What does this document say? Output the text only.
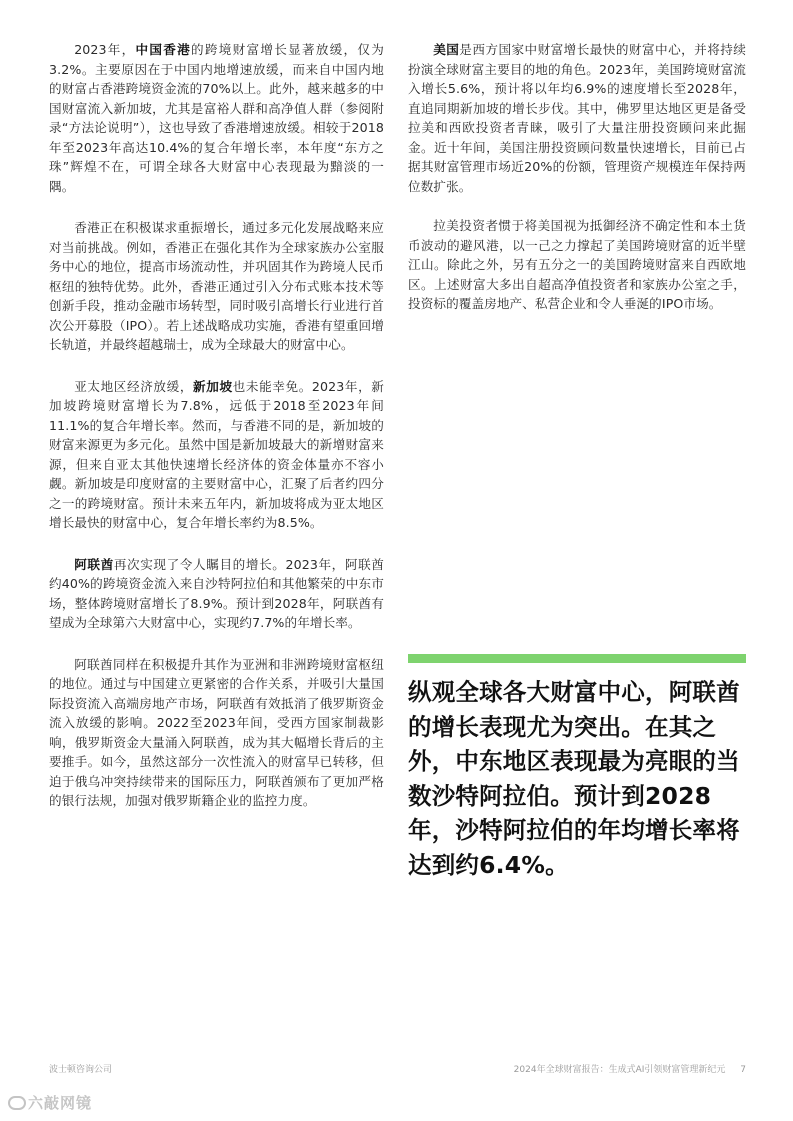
2023年，中国香港的跨境财富增长显著放缓，仅为3.2%。主要原因在于中国内地增速放缓，而来自中国内地的财富占香港跨境资金流的70%以上。此外，越来越多的中国财富流入新加坡，尤其是富裕人群和高净值人群（参阅附录“方法论说明”），这也导致了香港增速放缓。相较于2018年至2023年高达10.4%的复合年增长率，本年度“东方之珠”辉煌不在，可谓全球各大财富中心表现最为黯淡的一隅。

香港正在积极谋求重振增长，通过多元化发展战略来应对当前挑战。例如，香港正在强化其作为全球家族办公室服务中心的地位，提高市场流动性，并巩固其作为跨境人民币枢纽的独特优势。此外，香港正通过引入分布式账本技术等创新手段，推动金融市场转型，同时吸引高增长行业进行首次公开募股（IPO）。若上述战略成功实施，香港有望重回增长轨道，并最终超越瑞士，成为全球最大的财富中心。

亚太地区经济放缓，新加坡也未能幸免。2023年，新加坡跨境财富增长为7.8%，远低于2018至2023年间11.1%的复合年增长率。然而，与香港不同的是，新加坡的财富来源更为多元化。虽然中国是新加坡最大的新增财富来源，但来自亚太其他快速增长经济体的资金体量亦不容小觑。新加坡是印度财富的主要财富中心，汇聚了后者约四分之一的跨境财富。预计未来五年内，新加坡将成为亚太地区增长最快的财富中心，复合年增长率约为8.5%。

阿联酋再次实现了令人瞩目的增长。2023年，阿联酋约40%的跨境资金流入来自沙特阿拉伯和其他繁荣的中东市场，整体跨境财富增长了8.9%。预计到2028年，阿联酋有望成为全球第六大财富中心，实现约7.7%的年增长率。

阿联酋同样在积极提升其作为亚洲和非洲跨境财富枢纽的地位。通过与中国建立更紧密的合作关系，并吸引大量国际投资流入高端房地产市场，阿联酋有效抵消了俄罗斯资金流入放缓的影响。2022至2023年间，受西方国家制裁影响，俄罗斯资金大量涌入阿联酋，成为其大幅增长背后的主要推手。如今，虽然这部分一次性流入的财富早已转移，但迫于俄乌冲突持续带来的国际压力，阿联酋颁布了更加严格的银行法规，加强对俄罗斯籍企业的监控力度。

美国是西方国家中财富增长最快的财富中心，并将持续扮演全球财富主要目的地的角色。2023年，美国跨境财富流入增长5.6%，预计将以年均6.9%的速度增长至2028年，直追同期新加坡的增长步伐。其中，佛罗里达地区更是备受拉美和西欧投资者青睐，吸引了大量注册投资顾问来此掘金。近十年间，美国注册投资顾问数量快速增长，目前已占据其财富管理市场近20%的份额，管理资产规模连年保持两位数扩张。

拉美投资者惯于将美国视为抵御经济不确定性和本土货币波动的避风港，以一己之力撑起了美国跨境财富的近半壁江山。除此之外，另有五分之一的美国跨境财富来自西欧地区。上述财富大多出自超高净值投资者和家族办公室之手，投资标的覆盖房地产、私营企业和令人垂涎的IPO市场。

纵观全球各大财富中心，阿联酋的增长表现尤为突出。在其之外，中东地区表现最为亮眼的当数沙特阿拉伯。预计到2028年，沙特阿拉伯的年均增长率将达到约6.4%。

波士顿咨询公司	2024年全球财富报告：生成式AI引领财富管理新纪元 7
六敲网镜
